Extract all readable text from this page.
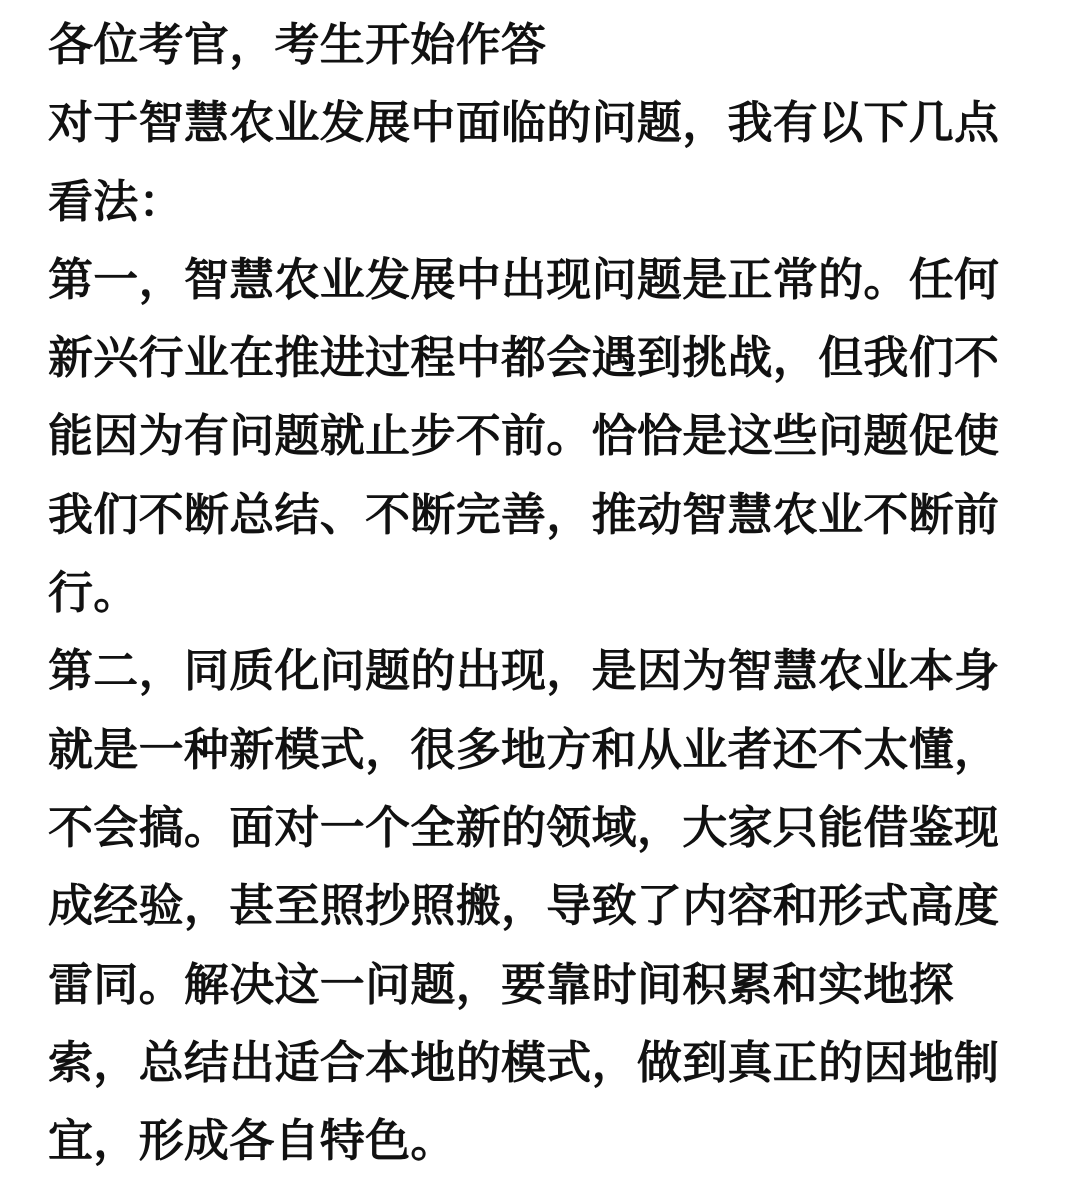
各位考官，考生开始作答
对于智慧农业发展中面临的问题，我有以下几点
看法：
第一，智慧农业发展中出现问题是正常的。任何
新兴行业在推进过程中都会遇到挑战，但我们不
能因为有问题就止步不前。恰恰是这些问题促使
我们不断总结、不断完善，推动智慧农业不断前
行。
第二，同质化问题的出现，是因为智慧农业本身
就是一种新模式，很多地方和从业者还不太懂，
不会搞。面对一个全新的领域，大家只能借鉴现
成经验，甚至照抄照搬，导致了内容和形式高度
雷同。解决这一问题，要靠时间积累和实地探
索，总结出适合本地的模式，做到真正的因地制
宜，形成各自特色。
